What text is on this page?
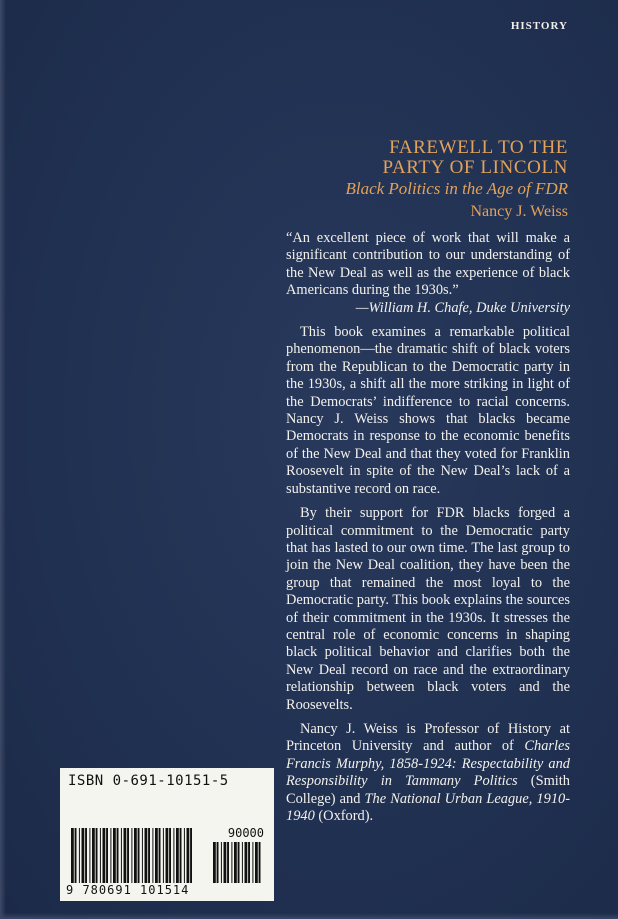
HISTORY
FAREWELL TO THE
PARTY OF LINCOLN
Black Politics in the Age of FDR
Nancy J. Weiss

“An excellent piece of work that will make a significant contribution to our understanding of the New Deal as well as the experience of black Americans during the 1930s.”

—William H. Chafe, Duke University

This book examines a remarkable political phenomenon—the dramatic shift of black voters from the Republican to the Democratic party in the 1930s, a shift all the more striking in light of the Democrats’ indifference to racial concerns. Nancy J. Weiss shows that blacks became Democrats in response to the economic benefits of the New Deal and that they voted for Franklin Roosevelt in spite of the New Deal’s lack of a substantive record on race.

By their support for FDR blacks forged a political commitment to the Democratic party that has lasted to our own time. The last group to join the New Deal coalition, they have been the group that remained the most loyal to the Democratic party. This book explains the sources of their commitment in the 1930s. It stresses the central role of economic concerns in shaping black political behavior and clarifies both the New Deal record on race and the extraordinary relationship between black voters and the Roosevelts.

Nancy J. Weiss is Professor of History at Princeton University and author of Charles Francis Murphy, 1858-1924: Respectability and Responsibility in Tammany Politics (Smith College) and The National Urban League, 1910-1940 (Oxford).

ISBN 0-691-10151-5
90000
9 780691 101514
